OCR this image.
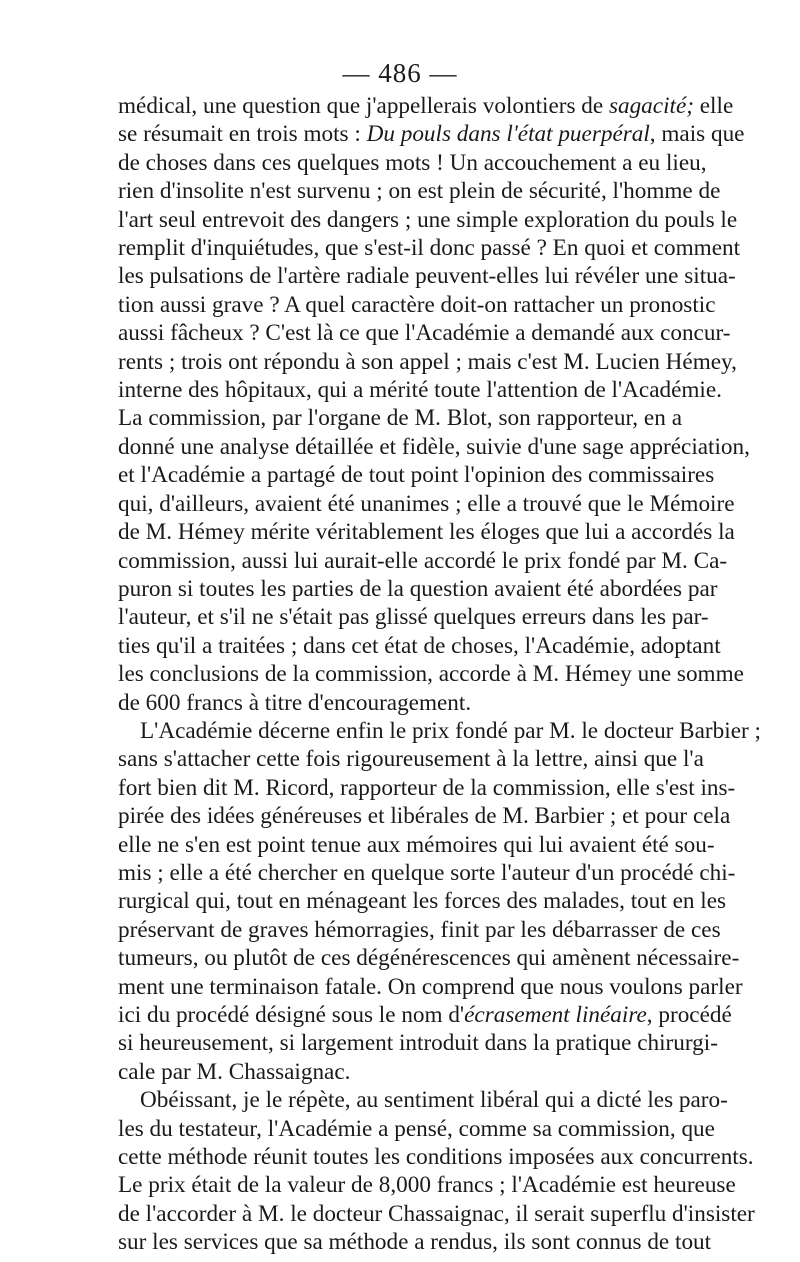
— 486 —
médical, une question que j'appellerais volontiers de sagacité; elle
se résumait en trois mots : Du pouls dans l'état puerpéral, mais que
de choses dans ces quelques mots ! Un accouchement a eu lieu,
rien d'insolite n'est survenu ; on est plein de sécurité, l'homme de
l'art seul entrevoit des dangers ; une simple exploration du pouls le
remplit d'inquiétudes, que s'est-il donc passé ? En quoi et comment
les pulsations de l'artère radiale peuvent-elles lui révéler une situa-
tion aussi grave ? A quel caractère doit-on rattacher un pronostic
aussi fâcheux ? C'est là ce que l'Académie a demandé aux concur-
rents ; trois ont répondu à son appel ; mais c'est M. Lucien Hémey,
interne des hôpitaux, qui a mérité toute l'attention de l'Académie.
La commission, par l'organe de M. Blot, son rapporteur, en a
donné une analyse détaillée et fidèle, suivie d'une sage appréciation,
et l'Académie a partagé de tout point l'opinion des commissaires
qui, d'ailleurs, avaient été unanimes ; elle a trouvé que le Mémoire
de M. Hémey mérite véritablement les éloges que lui a accordés la
commission, aussi lui aurait-elle accordé le prix fondé par M. Ca-
puron si toutes les parties de la question avaient été abordées par
l'auteur, et s'il ne s'était pas glissé quelques erreurs dans les par-
ties qu'il a traitées ; dans cet état de choses, l'Académie, adoptant
les conclusions de la commission, accorde à M. Hémey une somme
de 600 francs à titre d'encouragement.
L'Académie décerne enfin le prix fondé par M. le docteur Barbier ;
sans s'attacher cette fois rigoureusement à la lettre, ainsi que l'a
fort bien dit M. Ricord, rapporteur de la commission, elle s'est ins-
pirée des idées généreuses et libérales de M. Barbier ; et pour cela
elle ne s'en est point tenue aux mémoires qui lui avaient été sou-
mis ; elle a été chercher en quelque sorte l'auteur d'un procédé chi-
rurgical qui, tout en ménageant les forces des malades, tout en les
préservant de graves hémorragies, finit par les débarrasser de ces
tumeurs, ou plutôt de ces dégénérescences qui amènent nécessaire-
ment une terminaison fatale. On comprend que nous voulons parler
ici du procédé désigné sous le nom d'écrasement linéaire, procédé
si heureusement, si largement introduit dans la pratique chirurgi-
cale par M. Chassaignac.
Obéissant, je le répète, au sentiment libéral qui a dicté les paro-
les du testateur, l'Académie a pensé, comme sa commission, que
cette méthode réunit toutes les conditions imposées aux concurrents.
Le prix était de la valeur de 8,000 francs ; l'Académie est heureuse
de l'accorder à M. le docteur Chassaignac, il serait superflu d'insister
sur les services que sa méthode a rendus, ils sont connus de tout
